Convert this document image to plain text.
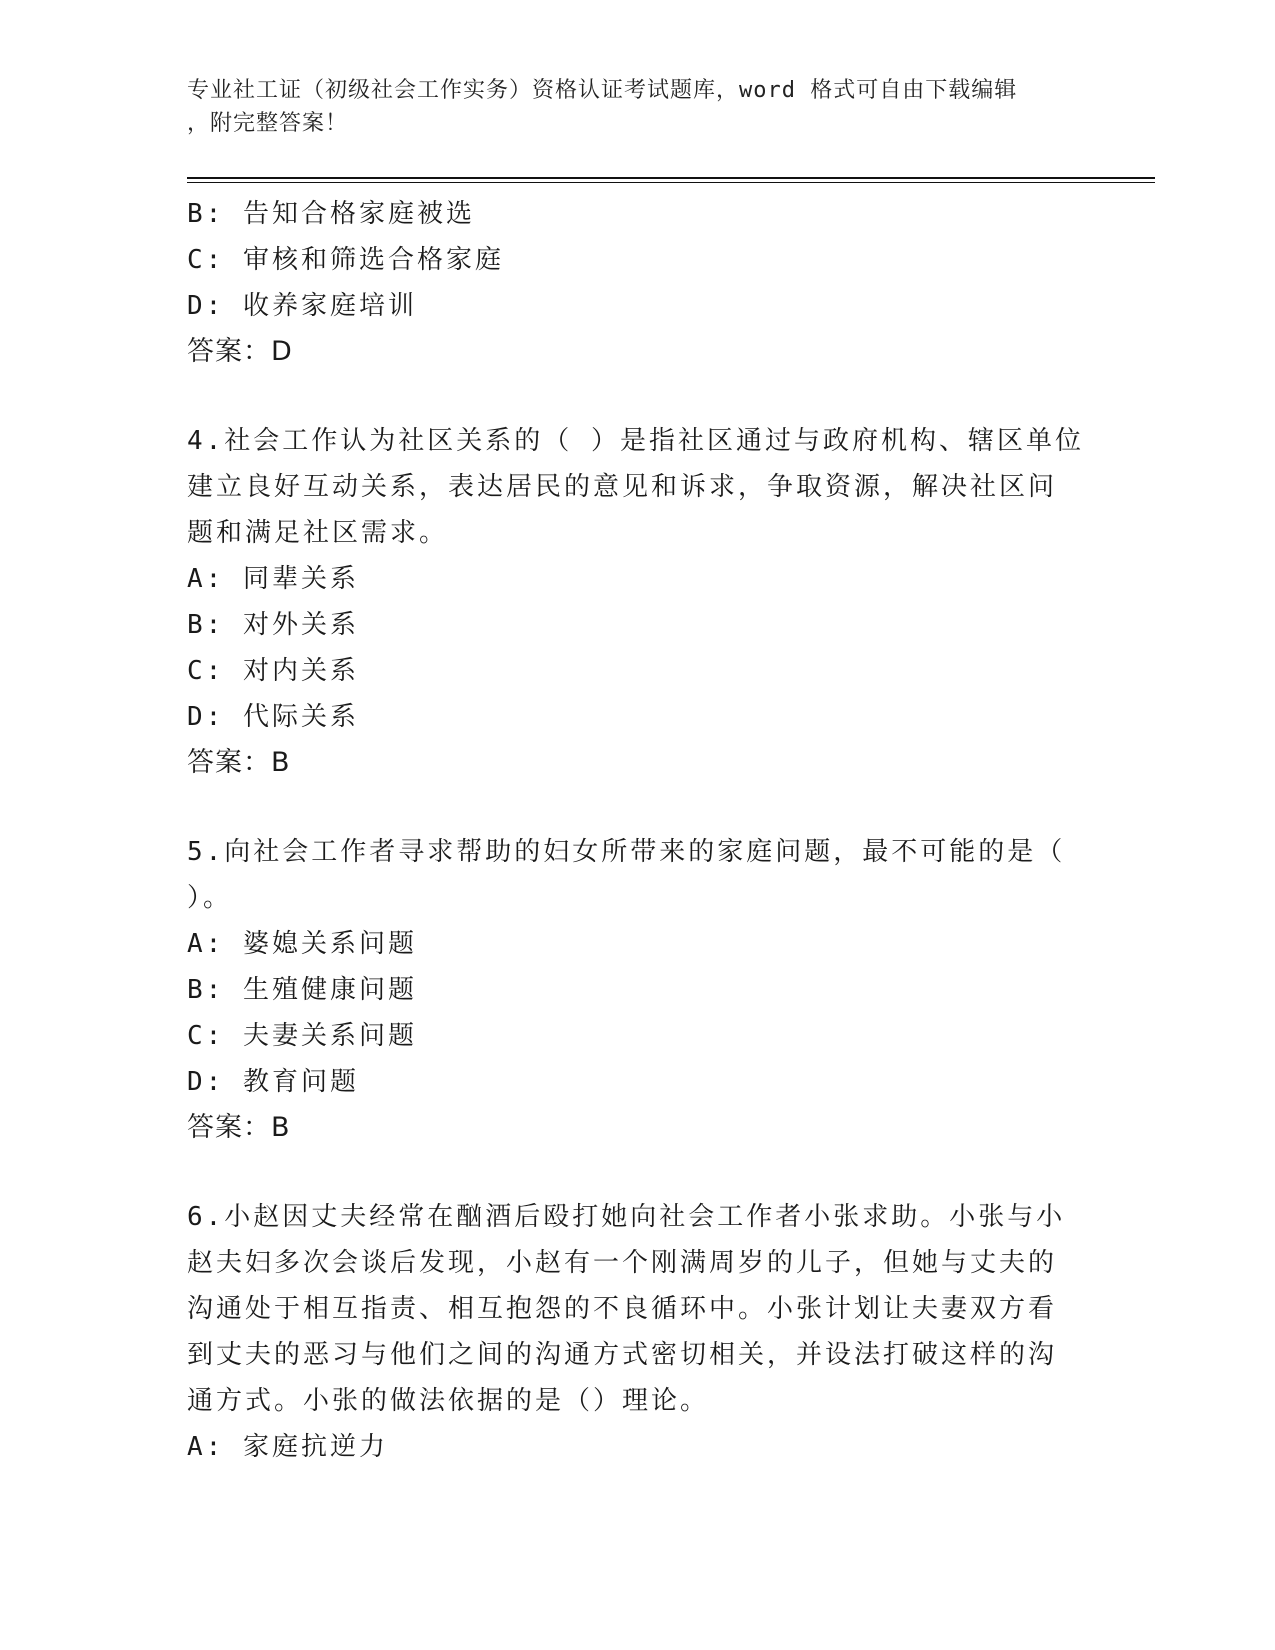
专业社工证（初级社会工作实务）资格认证考试题库，word 格式可自由下载编辑
，附完整答案！
B: 告知合格家庭被选
C: 审核和筛选合格家庭
D: 收养家庭培训
答案：D
4.社会工作认为社区关系的（ ）是指社区通过与政府机构、辖区单位
建立良好互动关系，表达居民的意见和诉求，争取资源，解决社区问
题和满足社区需求。
A: 同辈关系
B: 对外关系
C: 对内关系
D: 代际关系
答案：B
5.向社会工作者寻求帮助的妇女所带来的家庭问题，最不可能的是（
）。
A: 婆媳关系问题
B: 生殖健康问题
C: 夫妻关系问题
D: 教育问题
答案：B
6.小赵因丈夫经常在酗酒后殴打她向社会工作者小张求助。小张与小
赵夫妇多次会谈后发现，小赵有一个刚满周岁的儿子，但她与丈夫的
沟通处于相互指责、相互抱怨的不良循环中。小张计划让夫妻双方看
到丈夫的恶习与他们之间的沟通方式密切相关，并设法打破这样的沟
通方式。小张的做法依据的是（）理论。
A: 家庭抗逆力
